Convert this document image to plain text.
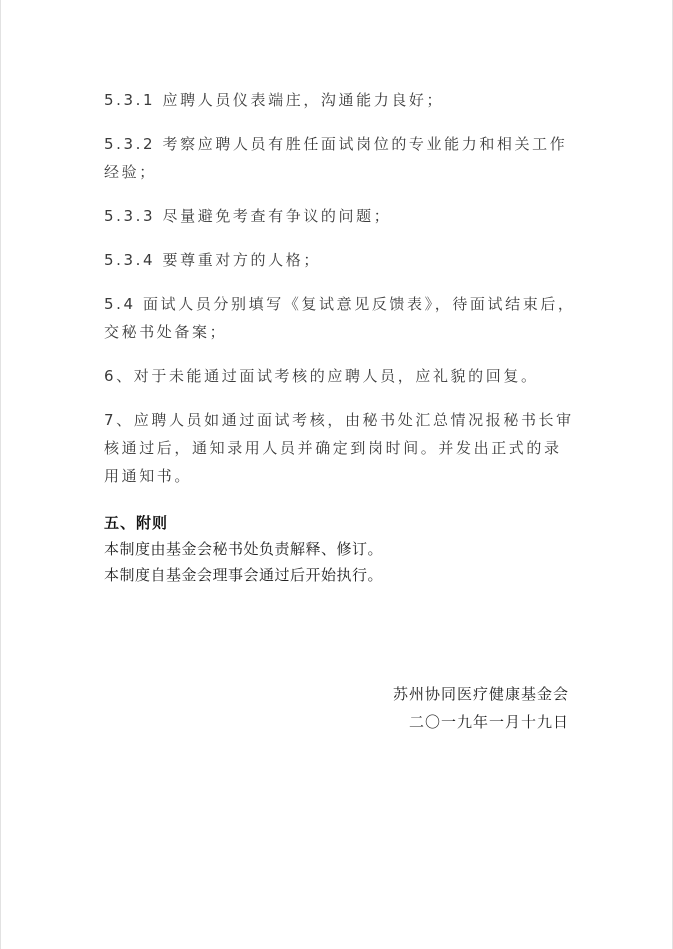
5.3.1 应聘人员仪表端庄，沟通能力良好；

5.3.2 考察应聘人员有胜任面试岗位的专业能力和相关工作经验；

5.3.3 尽量避免考查有争议的问题；

5.3.4 要尊重对方的人格；

5.4 面试人员分别填写《复试意见反馈表》，待面试结束后，交秘书处备案；

6、对于未能通过面试考核的应聘人员，应礼貌的回复。

7、应聘人员如通过面试考核，由秘书处汇总情况报秘书长审核通过后，通知录用人员并确定到岗时间。并发出正式的录用通知书。

五、附则

本制度由基金会秘书处负责解释、修订。

本制度自基金会理事会通过后开始执行。

苏州协同医疗健康基金会

二〇一九年一月十九日
